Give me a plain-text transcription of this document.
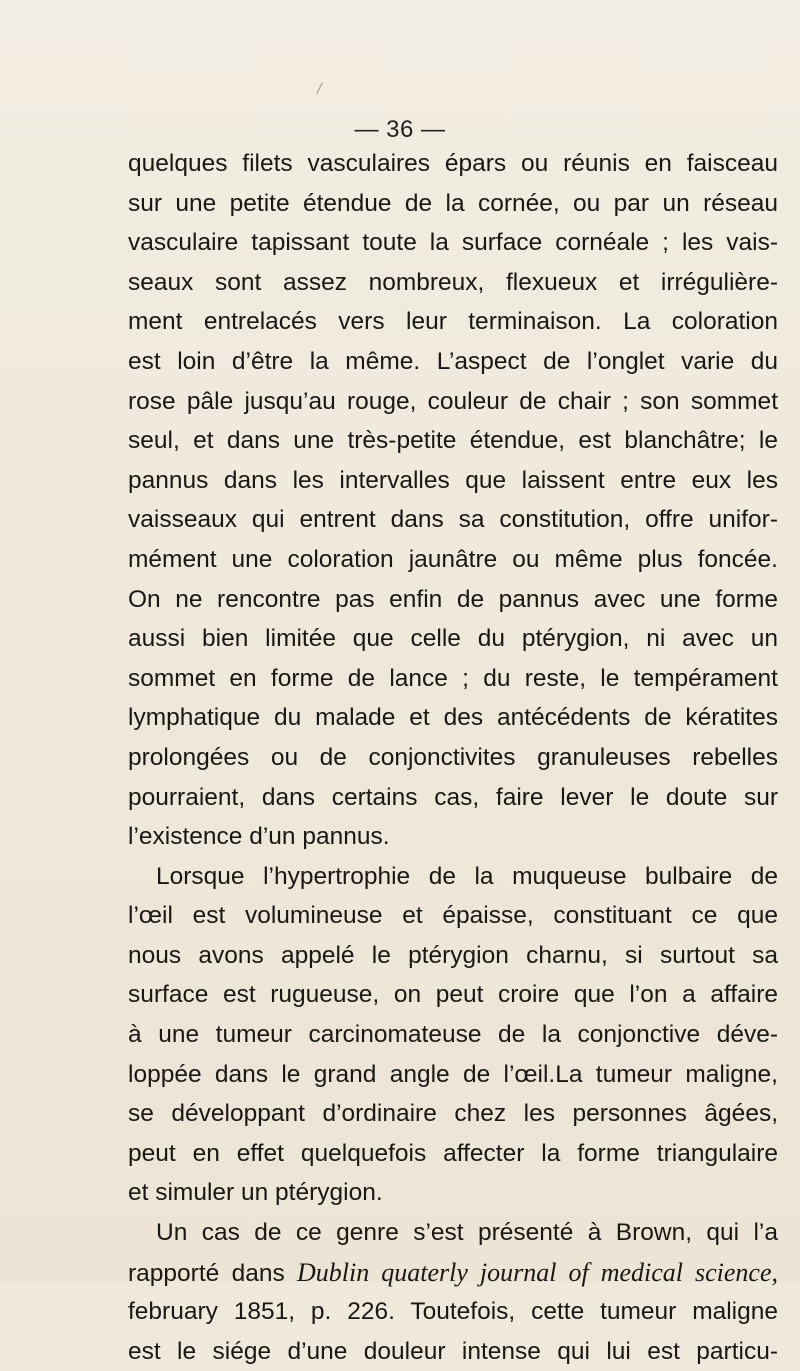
/
— 36 —
quelques filets vasculaires épars ou réunis en faisceau
sur une petite étendue de la cornée, ou par un réseau
vasculaire tapissant toute la surface cornéale ; les vais-
seaux sont assez nombreux, flexueux et irrégulière-
ment entrelacés vers leur terminaison. La coloration
est loin d’être la même. L’aspect de l’onglet varie du
rose pâle jusqu’au rouge, couleur de chair ; son sommet
seul, et dans une très-petite étendue, est blanchâtre; le
pannus dans les intervalles que laissent entre eux les
vaisseaux qui entrent dans sa constitution, offre unifor-
mément une coloration jaunâtre ou même plus foncée.
On ne rencontre pas enfin de pannus avec une forme
aussi bien limitée que celle du ptérygion, ni avec un
sommet en forme de lance ; du reste, le tempérament
lymphatique du malade et des antécédents de kératites
prolongées ou de conjonctivites granuleuses rebelles
pourraient, dans certains cas, faire lever le doute sur
l’existence d’un pannus.
Lorsque l’hypertrophie de la muqueuse bulbaire de
l’œil est volumineuse et épaisse, constituant ce que
nous avons appelé le ptérygion charnu, si surtout sa
surface est rugueuse, on peut croire que l’on a affaire
à une tumeur carcinomateuse de la conjonctive déve-
loppée dans le grand angle de l’œil.La tumeur maligne,
se développant d’ordinaire chez les personnes âgées,
peut en effet quelquefois affecter la forme triangulaire
et simuler un ptérygion.
Un cas de ce genre s’est présenté à Brown, qui l’a
rapporté dans Dublin quaterly journal of medical science,
february 1851, p. 226. Toutefois, cette tumeur maligne
est le siége d’une douleur intense qui lui est particu-
